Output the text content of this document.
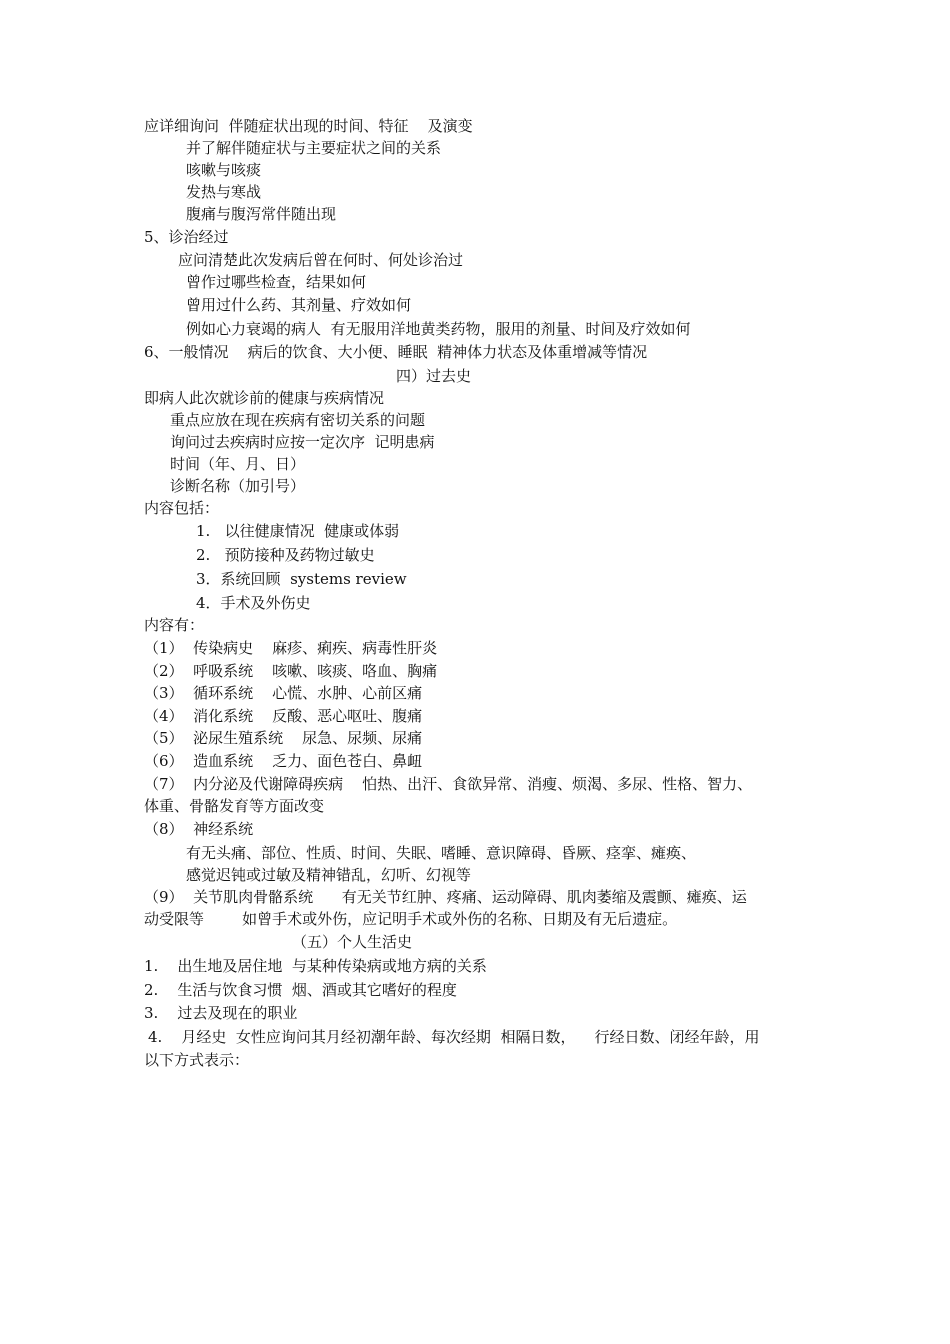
应详细询问  伴随症状出现的时间、特征    及演变
并了解伴随症状与主要症状之间的关系
咳嗽与咳痰
发热与寒战
腹痛与腹泻常伴随出现
5、诊治经过
应问清楚此次发病后曾在何时、何处诊治过
曾作过哪些检查，结果如何
曾用过什么药、其剂量、疗效如何
例如心力衰竭的病人  有无服用洋地黄类药物，服用的剂量、时间及疗效如何
6、一般情况    病后的饮食、大小便、睡眠  精神体力状态及体重增减等情况
四）过去史
即病人此次就诊前的健康与疾病情况
重点应放在现在疾病有密切关系的问题
询问过去疾病时应按一定次序  记明患病
时间（年、月、日）
诊断名称（加引号）
内容包括：
1.   以往健康情况  健康或体弱
2.   预防接种及药物过敏史
3．系统回顾  systems review
4．手术及外伤史
内容有：
（1）  传染病史    麻疹、痢疾、病毒性肝炎
（2）  呼吸系统    咳嗽、咳痰、咯血、胸痛
（3）  循环系统    心慌、水肿、心前区痛
（4）  消化系统    反酸、恶心呕吐、腹痛
（5）  泌尿生殖系统    尿急、尿频、尿痛
（6）  造血系统    乏力、面色苍白、鼻衄
（7）  内分泌及代谢障碍疾病    怕热、出汗、食欲异常、消瘦、烦渴、多尿、性格、智力、
体重、骨骼发育等方面改变
（8）  神经系统
有无头痛、部位、性质、时间、失眠、嗜睡、意识障碍、昏厥、痉挛、瘫痪、
感觉迟钝或过敏及精神错乱，幻听、幻视等
（9）  关节肌肉骨骼系统      有无关节红肿、疼痛、运动障碍、肌肉萎缩及震颤、瘫痪、运
动受限等        如曾手术或外伤，应记明手术或外伤的名称、日期及有无后遗症。
（五）个人生活史
1.    出生地及居住地  与某种传染病或地方病的关系
2.    生活与饮食习惯  烟、酒或其它嗜好的程度
3.    过去及现在的职业
4.    月经史  女性应询问其月经初潮年龄、每次经期  相隔日数，    行经日数、闭经年龄，用
以下方式表示：
